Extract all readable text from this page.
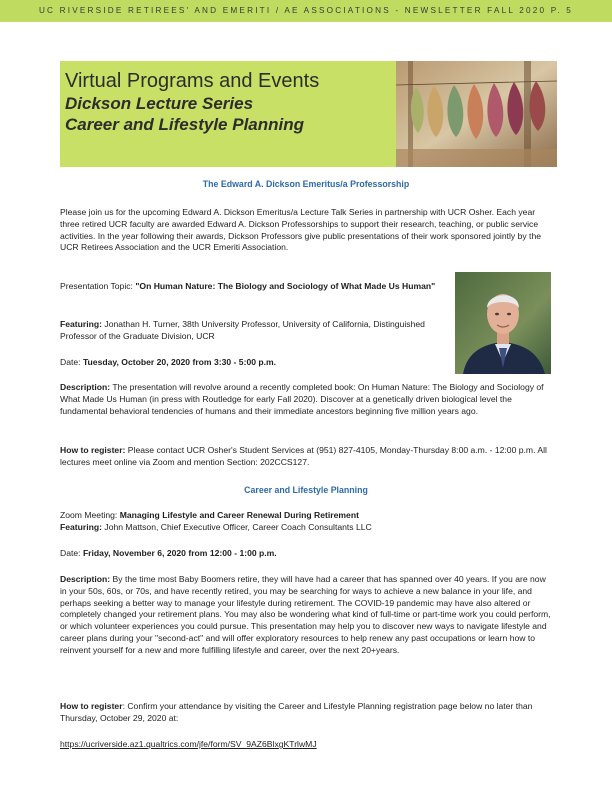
UC RIVERSIDE RETIREES' AND EMERITI / AE ASSOCIATIONS - NEWSLETTER FALL 2020 P. 5
Virtual Programs and Events
Dickson Lecture Series
Career and Lifestyle Planning
The Edward A. Dickson Emeritus/a Professorship

Please join us for the upcoming Edward A. Dickson Emeritus/a Lecture Talk Series in partnership with UCR Osher. Each year three retired UCR faculty are awarded Edward A. Dickson Professorships to support their research, teaching, or public service activities. In the year following their awards, Dickson Professors give public presentations of their work sponsored jointly by the UCR Retirees Association and the UCR Emeriti Association.

Presentation Topic: "On Human Nature: The Biology and Sociology of What Made Us Human"

Featuring: Jonathan H. Turner, 38th University Professor, University of California, Distinguished Professor of the Graduate Division, UCR

Date: Tuesday, October 20, 2020 from 3:30 - 5:00 p.m.

Description: The presentation will revolve around a recently completed book: On Human Nature: The Biology and Sociology of What Made Us Human (in press with Routledge for early Fall 2020). Discover at a genetically driven biological level the fundamental behavioral tendencies of humans and their immediate ancestors beginning five million years ago.

How to register: Please contact UCR Osher's Student Services at (951) 827-4105, Monday-Thursday 8:00 a.m. - 12:00 p.m. All lectures meet online via Zoom and mention Section: 202CCS127.

Career and Lifestyle Planning

Zoom Meeting: Managing Lifestyle and Career Renewal During Retirement

Featuring: John Mattson, Chief Executive Officer, Career Coach Consultants LLC

Date: Friday, November 6, 2020 from 12:00 - 1:00 p.m.

Description: By the time most Baby Boomers retire, they will have had a career that has spanned over 40 years. If you are now in your 50s, 60s, or 70s, and have recently retired, you may be searching for ways to achieve a new balance in your life, and perhaps seeking a better way to manage your lifestyle during retirement. The COVID-19 pandemic may have also altered or completely changed your retirement plans. You may also be wondering what kind of full-time or part-time work you could perform, or which volunteer experiences you could pursue. This presentation may help you to discover new ways to navigate lifestyle and career plans during your "second-act" and will offer exploratory resources to help renew any past occupations or learn how to reinvent yourself for a new and more fulfilling lifestyle and career, over the next 20+years.

How to register: Confirm your attendance by visiting the Career and Lifestyle Planning registration page below no later than Thursday, October 29, 2020 at:

https://ucriverside.az1.qualtrics.com/jfe/form/SV_9AZ6BlxgKTrlwMJ
